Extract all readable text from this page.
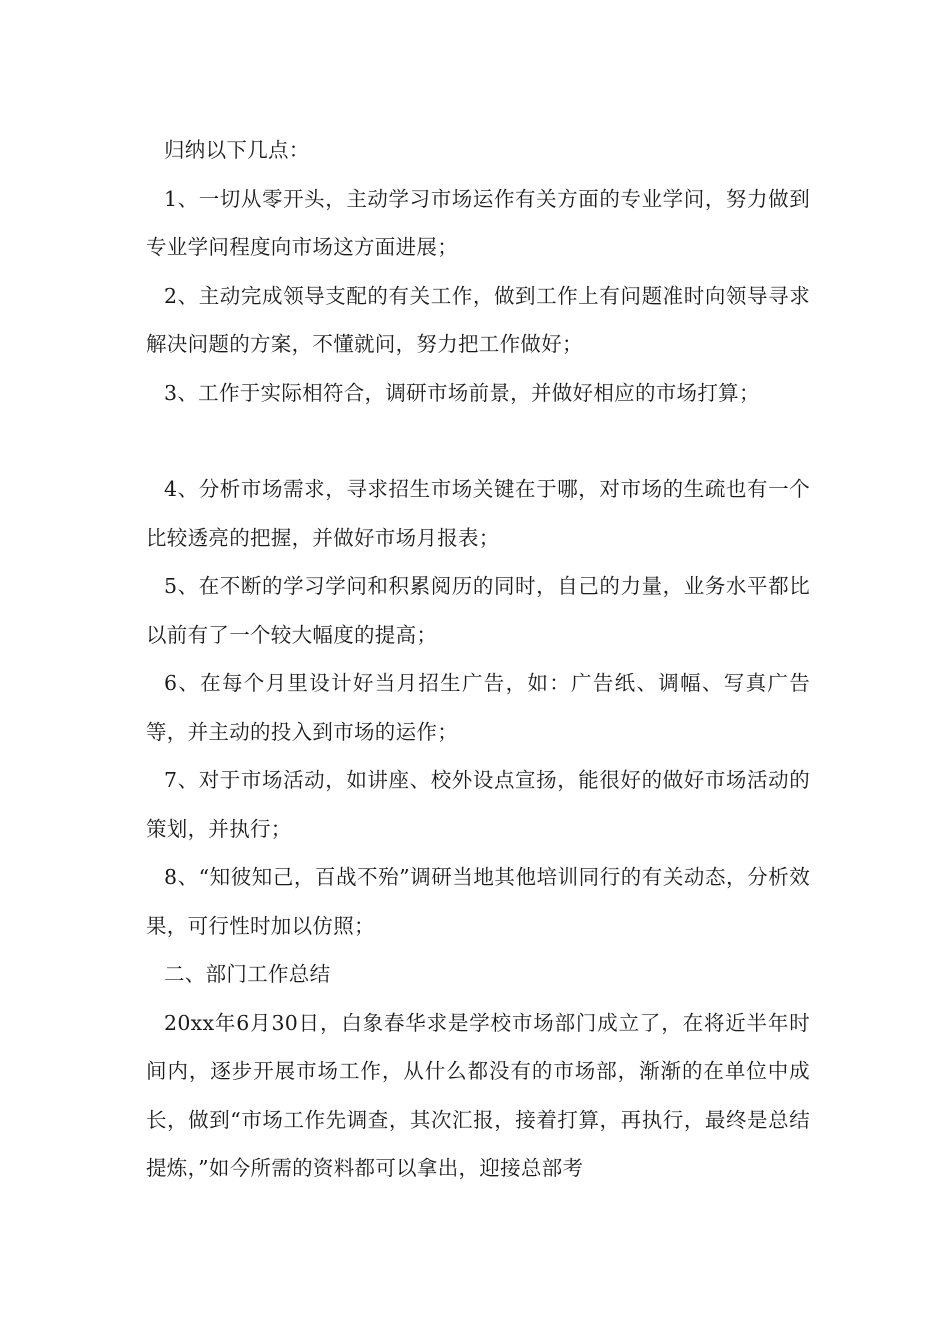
归纳以下几点：

1、一切从零开头，主动学习市场运作有关方面的专业学问，努力做到专业学问程度向市场这方面进展；

2、主动完成领导支配的有关工作，做到工作上有问题准时向领导寻求解决问题的方案，不懂就问，努力把工作做好；

3、工作于实际相符合，调研市场前景，并做好相应的市场打算；

4、分析市场需求，寻求招生市场关键在于哪，对市场的生疏也有一个比较透亮的把握，并做好市场月报表；

5、在不断的学习学问和积累阅历的同时，自己的力量，业务水平都比以前有了一个较大幅度的提高；

6、在每个月里设计好当月招生广告，如：广告纸、调幅、写真广告等，并主动的投入到市场的运作；

7、对于市场活动，如讲座、校外设点宣扬，能很好的做好市场活动的策划，并执行；

8、“知彼知己，百战不殆”调研当地其他培训同行的有关动态，分析效果，可行性时加以仿照；

二、部门工作总结

20xx年6月30日，白象春华求是学校市场部门成立了，在将近半年时间内，逐步开展市场工作，从什么都没有的市场部，渐渐的在单位中成长，做到“市场工作先调查，其次汇报，接着打算，再执行，最终是总结提炼，”如今所需的资料都可以拿出，迎接总部考
